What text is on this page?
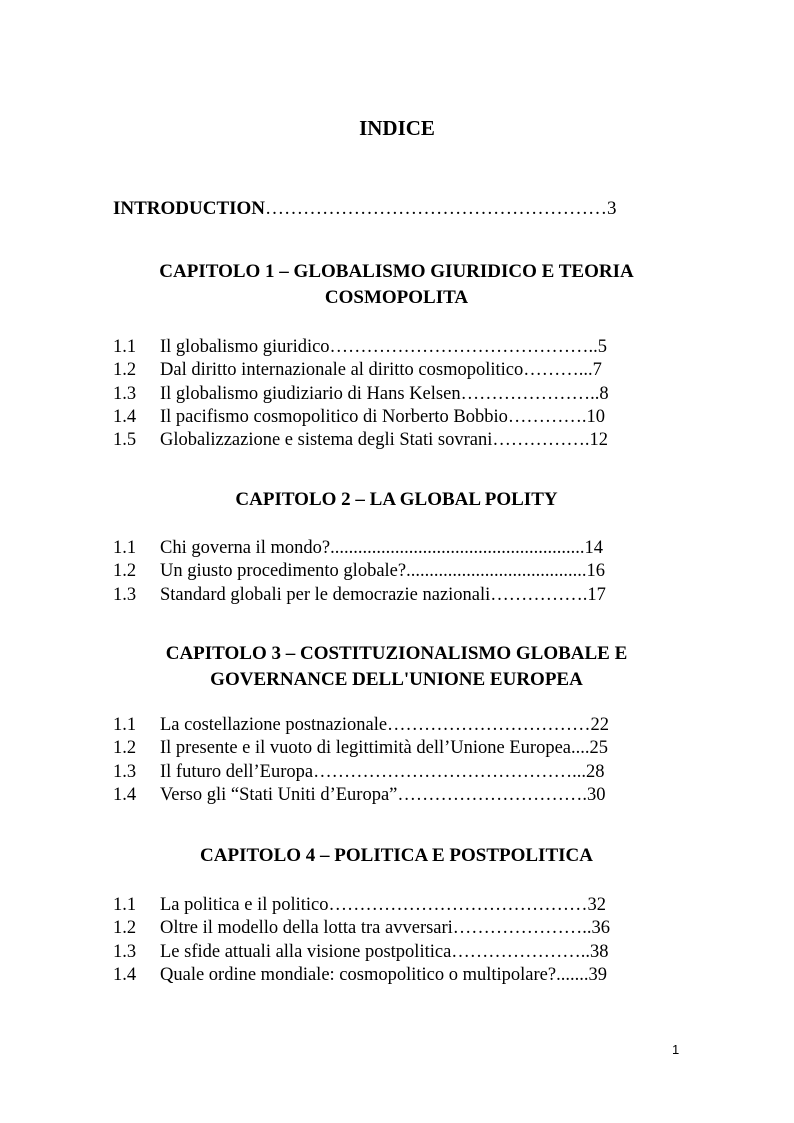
INDICE
INTRODUCTION………………………………………………3
CAPITOLO 1 – GLOBALISMO GIURIDICO E TEORIA
COSMOPOLITA
1.1 Il globalismo giuridico……………………………………..5
1.2 Dal diritto internazionale al diritto cosmopolitico………...7
1.3 Il globalismo giudiziario di Hans Kelsen…………………..8
1.4 Il pacifismo cosmopolitico di Norberto Bobbio………….10
1.5 Globalizzazione e sistema degli Stati sovrani…………….12
CAPITOLO 2 – LA GLOBAL POLITY
1.1 Chi governa il mondo?.......................................................14
1.2 Un giusto procedimento globale?.......................................16
1.3 Standard globali per le democrazie nazionali…………….17
CAPITOLO 3 – COSTITUZIONALISMO GLOBALE E
GOVERNANCE DELL'UNIONE EUROPEA
1.1 La costellazione postnazionale……………………………22
1.2 Il presente e il vuoto di legittimità dell’Unione Europea....25
1.3 Il futuro dell’Europa……………………………………...28
1.4 Verso gli “Stati Uniti d’Europa”………………………….30
CAPITOLO 4 – POLITICA E POSTPOLITICA
1.1 La politica e il politico……………………………………32
1.2 Oltre il modello della lotta tra avversari…………………..36
1.3 Le sfide attuali alla visione postpolitica…………………..38
1.4 Quale ordine mondiale: cosmopolitico o multipolare?.......39
1
